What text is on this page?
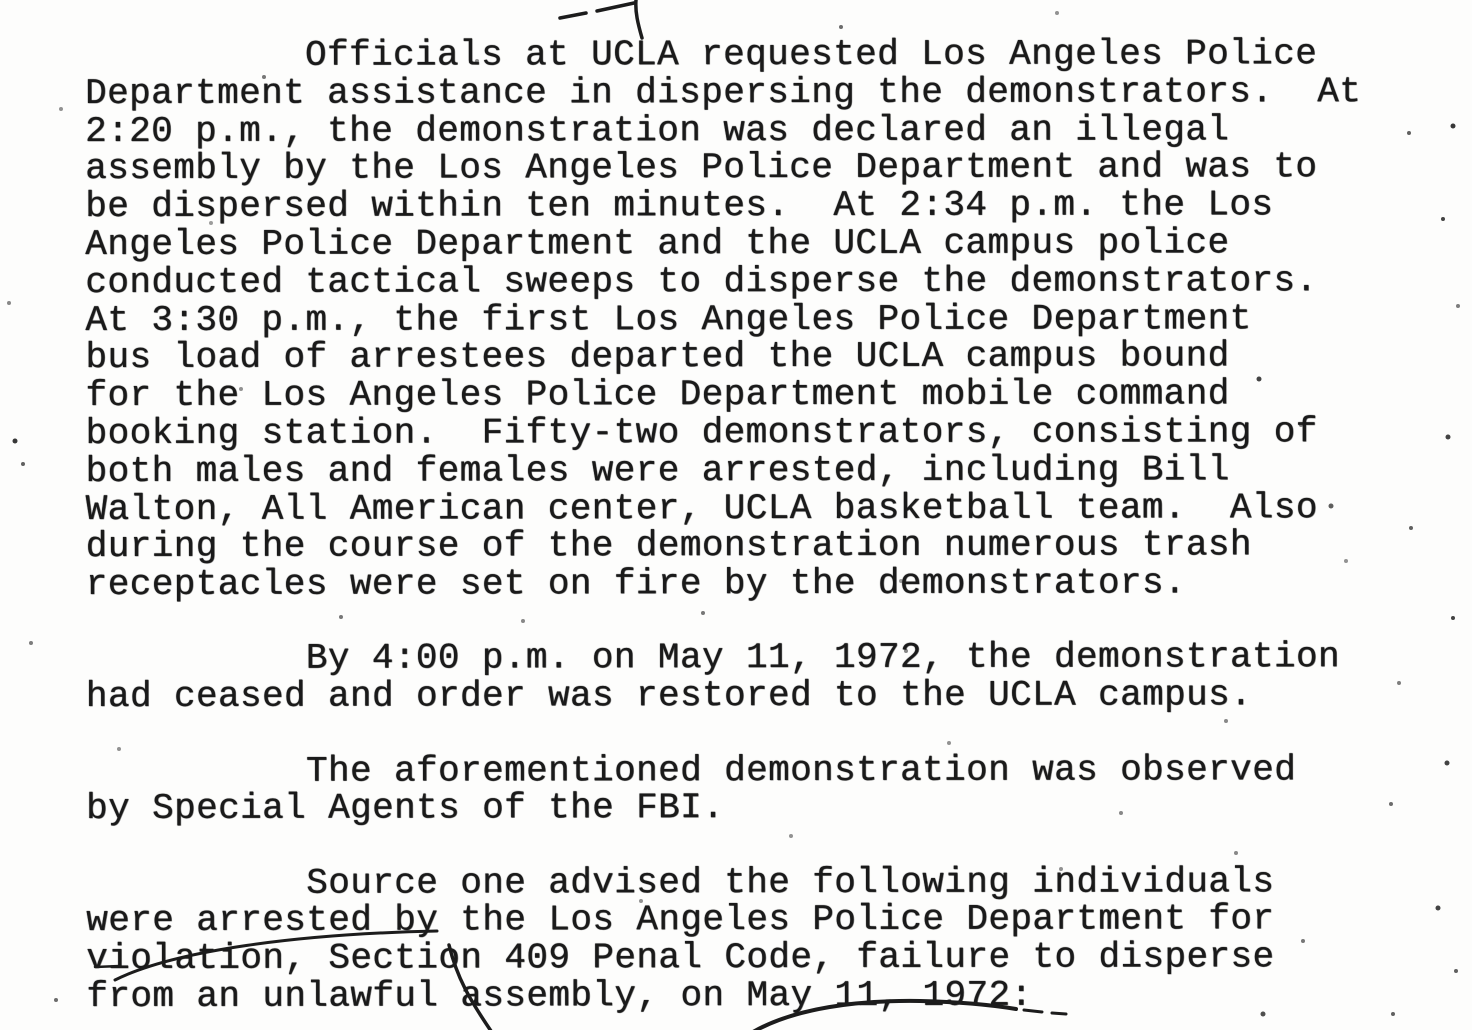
Officials at UCLA requested Los Angeles Police
Department assistance in dispersing the demonstrators.  At
2:20 p.m., the demonstration was declared an illegal
assembly by the Los Angeles Police Department and was to
be dispersed within ten minutes.  At 2:34 p.m. the Los
Angeles Police Department and the UCLA campus police
conducted tactical sweeps to disperse the demonstrators.
At 3:30 p.m., the first Los Angeles Police Department
bus load of arrestees departed the UCLA campus bound
for the Los Angeles Police Department mobile command
booking station.  Fifty-two demonstrators, consisting of
both males and females were arrested, including Bill
Walton, All American center, UCLA basketball team.  Also
during the course of the demonstration numerous trash
receptacles were set on fire by the demonstrators.
By 4:00 p.m. on May 11, 1972, the demonstration
had ceased and order was restored to the UCLA campus.
The aforementioned demonstration was observed
by Special Agents of the FBI.
Source one advised the following individuals
were arrested by the Los Angeles Police Department for
violation, Section 409 Penal Code, failure to disperse
from an unlawful assembly, on May 11, 1972:
